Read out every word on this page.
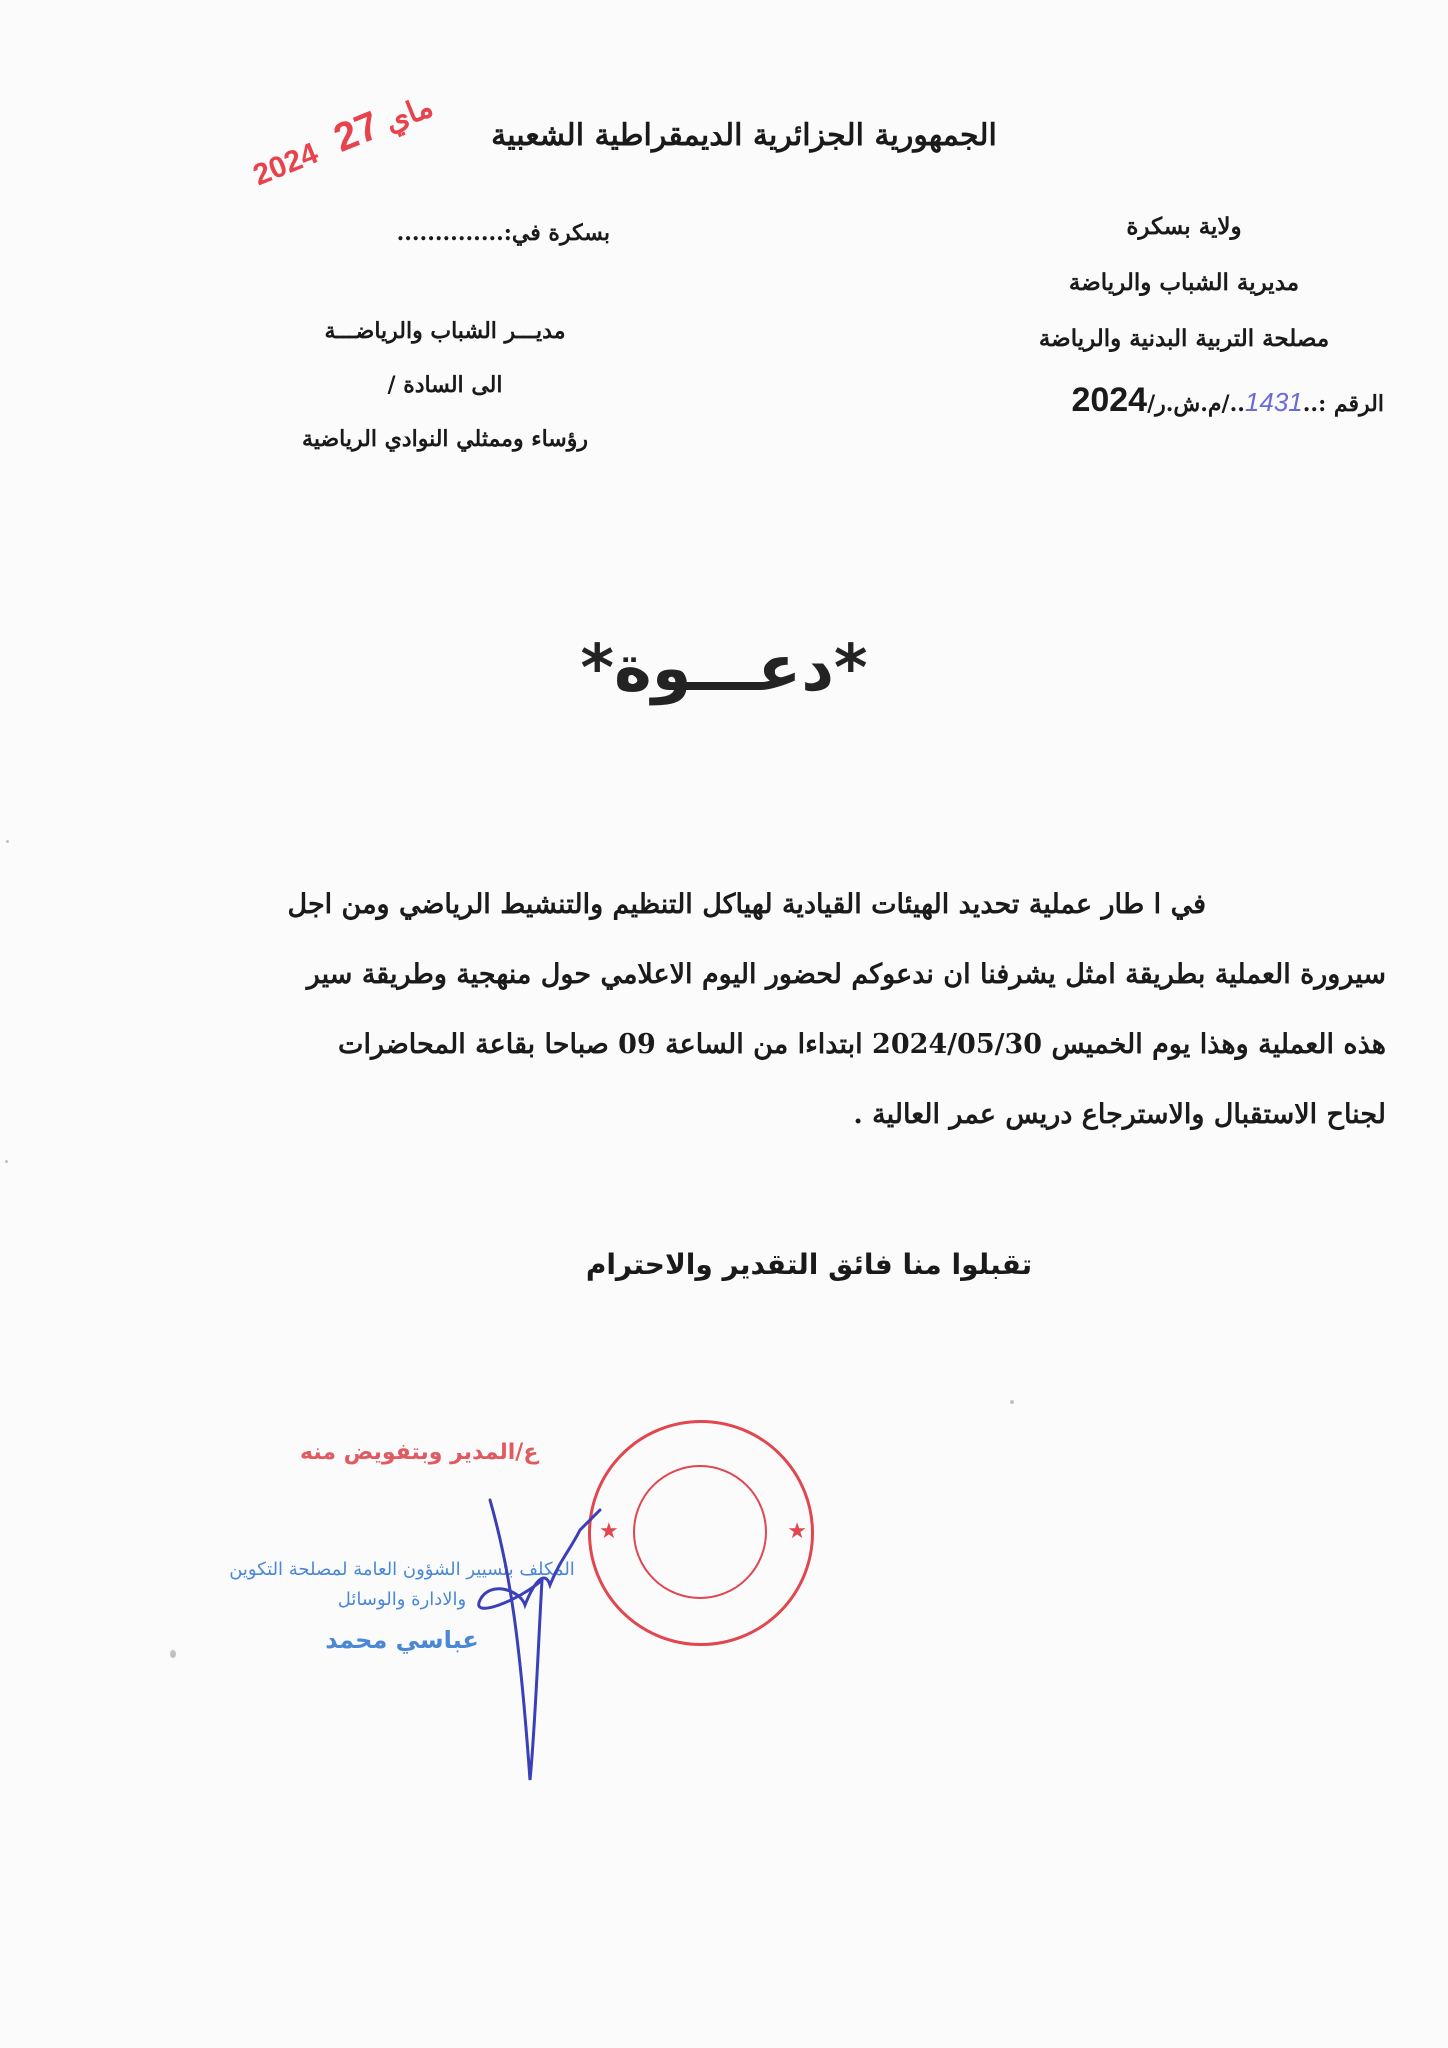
الجمهورية الجزائرية الديمقراطية الشعبية
2024 ماي 27
ولاية بسكرة
مديرية الشباب والرياضة
مصلحة التربية البدنية والرياضة
الرقم :..1431../م.ش.ر/2024
بسكرة في:..............
مديـــر الشباب والرياضـــة
الى السادة /
رؤساء وممثلي النوادي الرياضية
*دعـــوة*
في ا طار عملية تحديد الهيئات القيادية لهياكل التنظيم والتنشيط الرياضي ومن اجل
سيرورة العملية بطريقة امثل يشرفنا ان ندعوكم لحضور اليوم الاعلامي حول منهجية وطريقة سير
هذه العملية وهذا يوم الخميس 2024/05/30 ابتداءا من الساعة 09 صباحا بقاعة المحاضرات
لجناح الاستقبال والاسترجاع دريس عمر العالية .
تقبلوا منا فائق التقدير والاحترام
ع/المدير وبتفويض منه
المكلف بتسيير الشؤون العامة لمصلحة التكوين
والادارة والوسائل
عباسي محمد
★	★
